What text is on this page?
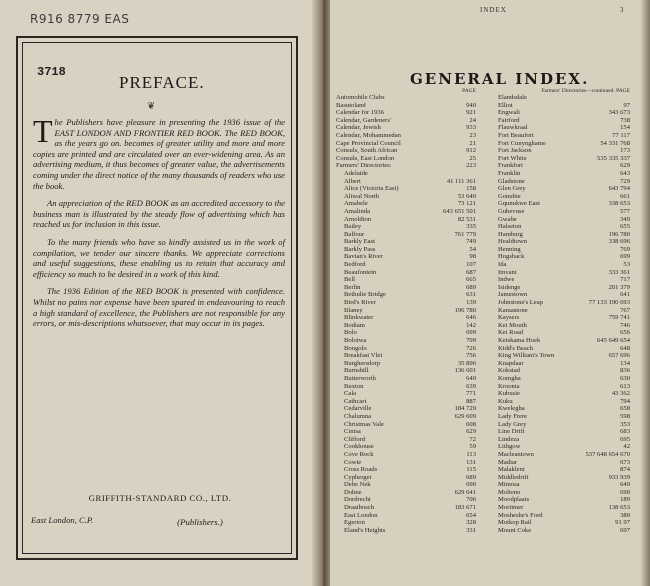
R916 8779 EAS
3718
PREFACE.
❦

The Publishers have pleasure in presenting the 1936 issue of the EAST LONDON AND FRONTIER RED BOOK. The RED BOOK, as the years go on. becomes of greater utility and more and more copies are printed and are circulated over an ever-widening area. As an advertising medium, it thus becomes of greater value, the advertisements coming under the direct notice of the many thousands of readers who use the book.

An appreciation of the RED BOOK as an accredited accessory to the business man is illustrated by the steady flow of advertising which has reached us for inclusion in this issue.

To the many friends who have so kindly assisted us in the work of compilation, we tender our sincere thanks. We appreciate corrections and useful suggestions, these enabling us to retain that accuracy and efficiency so much to be desired in a work of this kind.

The 1936 Edition of the RED BOOK is presented with confidence. Whilst no pains nor expense have been spared in endeavouring to reach a high standard of excellence, the Publishers are not responsible for any errors, or mis-descriptions whatsoever, that may occur in its pages.

GRIFFITH-STANDARD CO., LTD.
East London, C.P.	(Publishers.)
INDEX	3
GENERAL INDEX.
PAGE
Automobile Clubs
Basutoland	940
Calendar for 1936	921
Calendar, Gardeners'	24
Calendar, Jewish	933
Calendar, Mohammedan	23
Cape Provincial Council	21
Consuls, South African	912
Consuls, East London	25
Farmers' Directories:	223
Adelaide
Albert	41 111 361
Alice (Victoria East)	158
Aliwal North	53 640
Amabele	73 121
Amalinda	643 651 501
Arnoldton	82 531
Bailey	335
Balfour	761 779
Barkly East	749
Barkly Pass	54
Bavian's River	98
Bedford	107
Beaufontein	687
Bell	665
Berlin	689
Bethulie Bridge	631
Bird's River	139
Blaney	196 780
Blinkwater	646
Bodiam	142
Bolo	699
Bolotwa	799
Bongolo	726
Breakfast Vlei	756
Burghersdorp	35 896
Burnshill	136 601
Butterworth	640
Buxton	639
Cala	771
Cathcart	887
Cedarville	184 729
Chalumna	629 609
Christmas Vale	608
Cintsa	629
Clifford	72
Cookhouse	59
Cove Rock	113
Cowie	131
Cross Roads	115
Cypherget	689
Debe Nek	690
Dohne	629 641
Dordrecht	706
Draaibosch	183 671
East London	654
Egerton	328
Eland's Heights	331
Farmers' Directories—continued. PAGE
Elandsdale
Elliot	97
Engwali	343 673
Fairford	738
Flauwkraal	154
Fort Beaufort	77 117
Fort Cunynghame	54 331 768
Fort Jackson	173
Fort White	535 335 337
Frankfort	629
Franklin	643
Gladstone	729
Glen Grey	643 794
Gonubie	661
Gqunukwe East	338 653
Gubevuse	577
Gwabe	349
Halseton	655
Hamburg	196 780
Healdtown	338 696
Henning	769
Hogsback	699
Ida	53
Imvani	333 361
Indwe	717
Isidenge	201 379
Jamestown	641
Johnstone's Leap	77 133 190 693
Kamastone	767
Kaysers	759 741
Kei Mouth	746
Kei Road	656
Keiskama Hoek	645 649 654
Kidd's Beach	648
King William's Town	657 696
Knapdaar	134
Kokstad	836
Komgha	630
Kroonia	613
Kubusie	43 362
Kuku	794
Kwelegha	658
Lady Frere	598
Lady Grey	353
Line Drift	683
Lindeza	695
Lithgow	42
Macleantown	537 648 654 670
Madiar	673
Malakleni	874
Middledrift	933 939
Mimosa	649
Molteno	690
Moodplaats	189
Mortimer	138 653
Mosheshe's Ford	380
Motkop Rail	91 97
Mount Coke	697
